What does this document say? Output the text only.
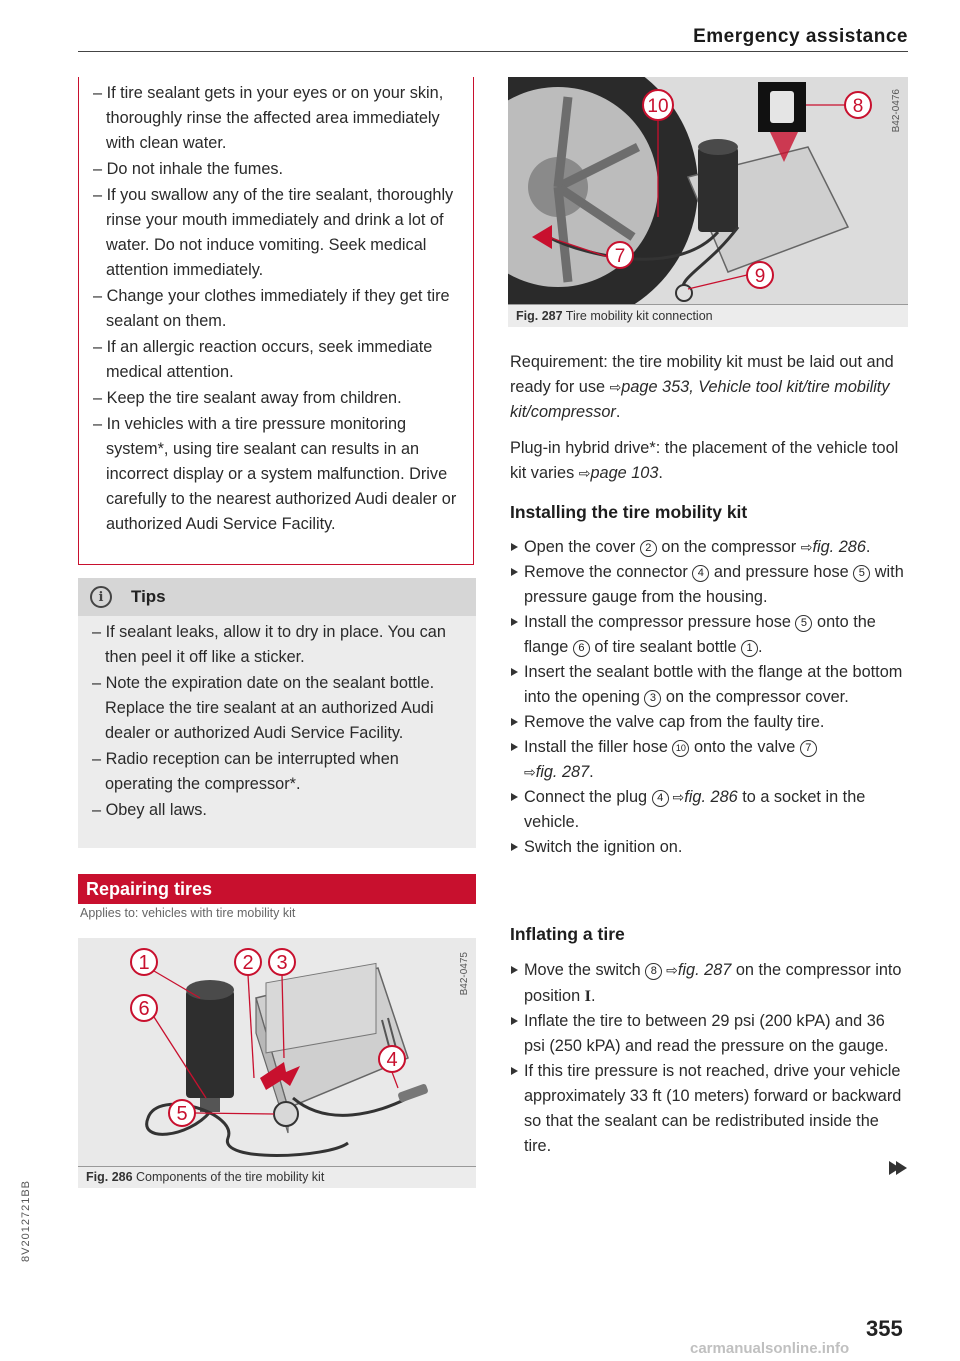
Emergency assistance
8V2012721BB

– If tire sealant gets in your eyes or on your skin, thoroughly rinse the affected area immediately with clean water.

– Do not inhale the fumes.

– If you swallow any of the tire sealant, thoroughly rinse your mouth immediately and drink a lot of water. Do not induce vomiting. Seek medical attention immediately.

– Change your clothes immediately if they get tire sealant on them.

– If an allergic reaction occurs, seek immediate medical attention.

– Keep the tire sealant away from children.

– In vehicles with a tire pressure monitoring system*, using tire sealant can results in an incorrect display or a system malfunction. Drive carefully to the nearest authorized Audi dealer or authorized Audi Service Facility.

i	Tips

– If sealant leaks, allow it to dry in place. You can then peel it off like a sticker.

– Note the expiration date on the sealant bottle. Replace the tire sealant at an authorized Audi dealer or authorized Audi Service Facility.

– Radio reception can be interrupted when operating the compressor*.

– Obey all laws.

Repairing tires
Applies to: vehicles with tire mobility kit
1	2 3
4
5
6
B42-0475
Fig. 286 Components of the tire mobility kit
10	8
7
9
B42-0476
Fig. 287 Tire mobility kit connection
Requirement: the tire mobility kit must be laid out and ready for use ⇨page 353, Vehicle tool kit/tire mobility kit/compressor.
Plug-in hybrid drive*: the placement of the vehicle tool kit varies ⇨page 103.
Installing the tire mobility kit

Open the cover 2 on the compressor ⇨fig. 286.

Remove the connector 4 and pressure hose 5 with pressure gauge from the housing.

Install the compressor pressure hose 5 onto the flange 6 of tire sealant bottle 1 .

Insert the sealant bottle with the flange at the bottom into the opening 3 on the compressor cover.

Remove the valve cap from the faulty tire.

Install the filler hose 10 onto the valve 7
⇨fig. 287.

Connect the plug 4 ⇨fig. 286 to a socket in the vehicle.

Switch the ignition on.

Inflating a tire

Move the switch 8 ⇨fig. 287 on the compressor into position I.

Inflate the tire to between 29 psi (200 kPA) and 36 psi (250 kPA) and read the pressure on the gauge.

If this tire pressure is not reached, drive your vehicle approximately 33 ft (10 meters) forward or backward so that the sealant can be redistributed inside the tire.

355
carmanualsonline.info
